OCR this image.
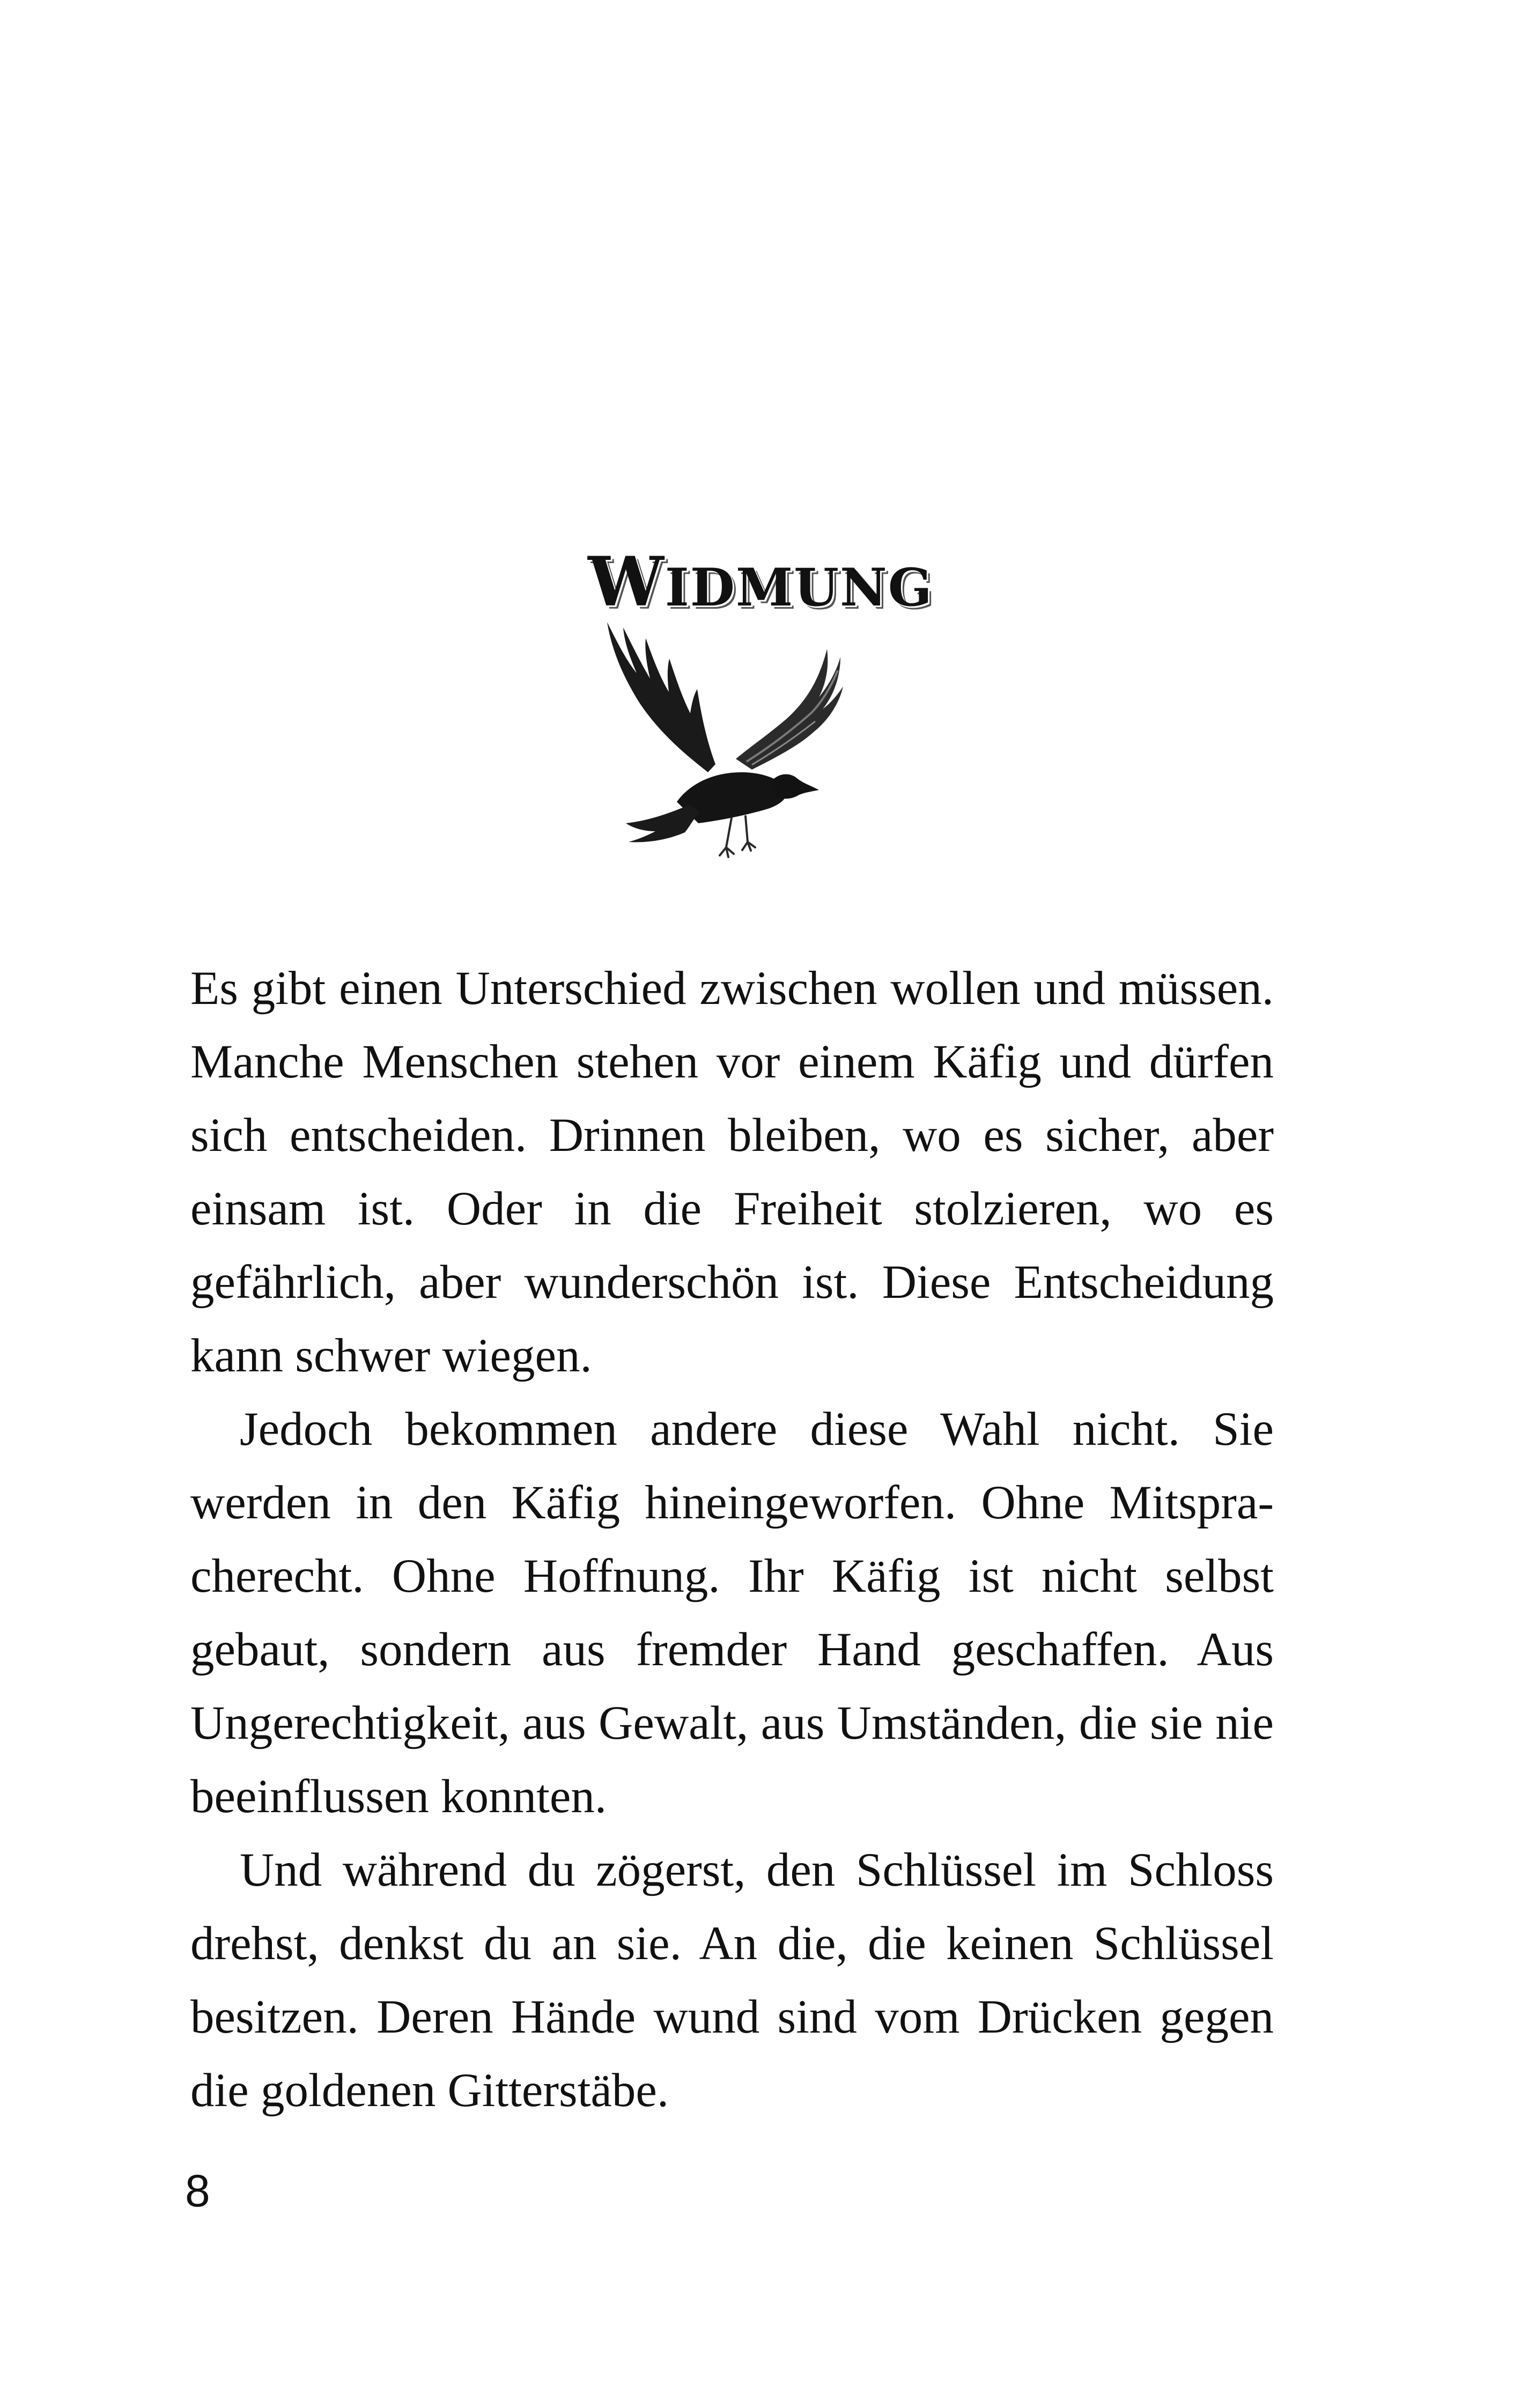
WIDMUNG

Es gibt einen Unterschied zwischen wollen und müssen. Manche Menschen stehen vor einem Käfig und dürfen sich entscheiden. Drinnen bleiben, wo es sicher, aber einsam ist. Oder in die Freiheit stolzieren, wo es gefährlich, aber wunderschön ist. Diese Entscheidung kann schwer wiegen.

Jedoch bekommen andere diese Wahl nicht. Sie werden in den Käfig hineingeworfen. Ohne Mitspracherecht. Ohne Hoffnung. Ihr Käfig ist nicht selbst gebaut, sondern aus fremder Hand geschaffen. Aus Ungerechtigkeit, aus Gewalt, aus Umständen, die sie nie beeinflussen konnten.

Und während du zögerst, den Schlüssel im Schloss drehst, denkst du an sie. An die, die keinen Schlüssel besitzen. Deren Hände wund sind vom Drücken gegen die goldenen Gitterstäbe.

8
